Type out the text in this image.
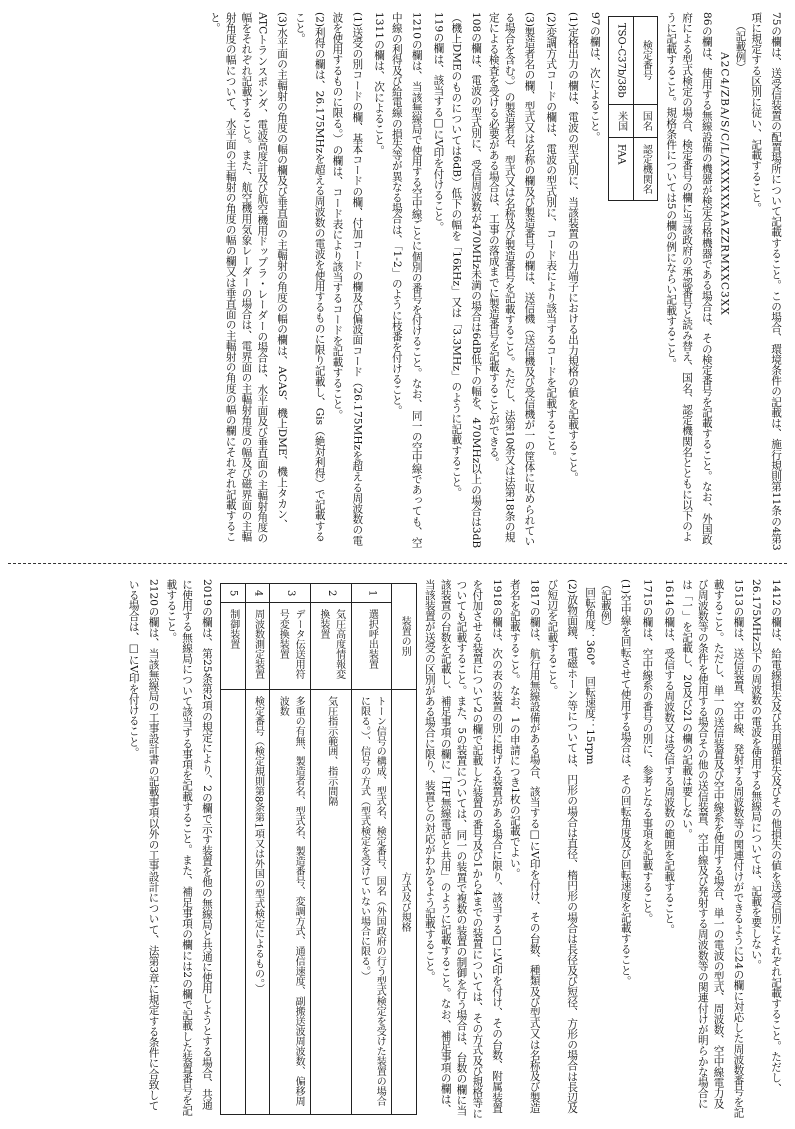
75の欄は、送受信装置の配置場所について記載すること。この場合、環境条件の記載は、施行規則第11条の4第3項に規定する区別に従い、記載すること。

（記載例）

A2C4/ZBA/S/C/L/XXXXXXAAZZRMXXC3XX

86の欄は、使用する無線設備の機器が検定合格機器である場合は、その検定番号を記載すること。なお、外国政府による型式検定の場合、検定番号の欄に当該政府の承認番号と読み替え、国名、認定機関名とともに以下のように記載すること。規格条件については5の欄の例にならい記載すること。

検定番号	国名	認定機関名
TSO-C37b/38b	米国	FAA

97の欄は、次によること。

(1)定格出力の欄は、電波の型式別に、当該装置の出力端子における出力規格の値を記載すること。

(2)変調方式コードの欄は、電波の型式別に、コード表により該当するコードを記載すること。

(3)製造者名の欄、型式又は名称の欄及び製造番号の欄は、送信機（送信機及び受信機が一の筐体に収められている場合を含む。）の製造者名、型式又は名称及び製造番号を記載すること。ただし、法第10条又は法第18条の規定による検査を受ける必要がある場合は、工事の落成までに製造番号を記載することができる。

108の欄は、電波の型式別に、受信周波数が470MHz未満の場合は6dB低下の幅を、470MHz以上の場合は3dB（機上DMEのものについては6dB）低下の幅を「16kHz」又は「3.3MHz」のように記載すること。

119の欄は、該当する□にV印を付けること。

1210の欄は、当該無線局で使用する空中線ごとに個別の番号を付けること。なお、同一の空中線であっても、空中線の利得及び給電線の損失等が異なる場合は、「1-2」のように枝番を付けること。

1311の欄は、次によること。

(1)送受の別コードの欄、基本コードの欄、付加コードの欄及び偏波面コード（26.175MHzを超える周波数の電波を使用するものに限る。）の欄は、コード表により該当するコードを記載すること。

(2)利得の欄は、26.175MHzを超える周波数の電波を使用するものに限り記載し、Gis（絶対利得）で記載すること。

(3)水平面の主輻射の角度の幅の欄及び垂直面の主輻射の角度の幅の欄は、ACAS、機上DME、機上タカン、ATCトランスポンダ、電波高度計及び航空機用ドップラ・レーダーの場合は、水平面及び垂直面の主輻射角度の幅をそれぞれ記載すること。また、航空機用気象レーダーの場合は、電界面の主輻射角度の幅及び磁界面の主輻射角度の幅について、水平面の主輻射の角度の幅の欄又は垂直面の主輻射の角度の幅の欄にそれぞれ記載すること。

1412の欄は、給電線損失及び共用器損失及びその他損失の値を送受信別にそれぞれ記載すること。ただし、26.175MHz以下の周波数の電波を使用する無線局については、記載を要しない。

1513の欄は、送信装置、空中線、発射する周波数等の関連付けができるように24の欄に対応した周波数番号を記載すること。ただし、単一の送信装置及び空中線系を使用する場合、単一の電波の型式、周波数、空中線電力及び周波数等の条件を使用する場合その他の送信装置、空中線及び発射する周波数等の関連付けが明らかな場合には「一」を記載し、20及び21の欄の記載は要しない。

1614の欄は、受信する周波数又は受信する周波数の範囲を記載すること。

1715の欄は、空中線系の番号の別に、参考となる事項を記載すること。

(1)空中線を回転させて使用する場合は、その回転角度及び回転速度を記載すること。

（記載例）

回転角度：360°　回転速度：15rpm

(2)放物面鏡、電磁ホーン等については、円形の場合は直径、楕円形の場合は長径及び短径、方形の場合は長辺及び短辺を記載すること。

1817の欄は、航行用無線設備がある場合、該当する□にV印を付け、その台数、種類及び型式又は名称及び製造者名を記載すること。なお、1の申請につき1枚の記載でよい。

1918の欄は、次の表の装置の別に掲げる装置がある場合に限り、該当する□にV印を付け、その台数、附属装置を付加させる装置について2の欄で記載した装置の番号及び1から4までの装置については、その方式及び規格等についても記載すること。また、5の装置については、同一の装置で複数の装置の制御を行う場合は、台数の欄に当該装置の台数を記載し、補足事項の欄に「HF無線電話と共用」のように記載すること。なお、補足事項の欄は、当該装置が送受の区別がある場合に限り、装置との対応がわかるよう記載すること。

装置の別	方式及び規格
1	選択呼出装置	トーン信号の構成、型式名、検定番号、国名（外国政府の行う型式検定を受けた装置の場合に限る。）、信号の方式（型式検定を受けていない場合に限る。）
2	気圧高度情報変換装置	気圧指示範囲、指示間隔
3	データ伝送用符号変換装置	多重の有無、製造者名、型式名、製造番号、変調方式、通信速度、副搬送波周波数、偏移周波数
4	周波数測定装置	検定番号（検定規則第8条第1項又は外国の型式検定によるもの。）
5	制御装置	

2019の欄は、第25条第2項の規定により、2の欄で示す装置を他の無線局と共通に使用しようとする場合、共通に使用する無線局について該当する事項を記載すること。また、補足事項の欄には2の欄で記載した装置番号を記載すること。

2120の欄は、当該無線局の工事設計書の記載事項以外の工事設計について、法第3章に規定する条件に合致している場合は、□にV印を付けること。
